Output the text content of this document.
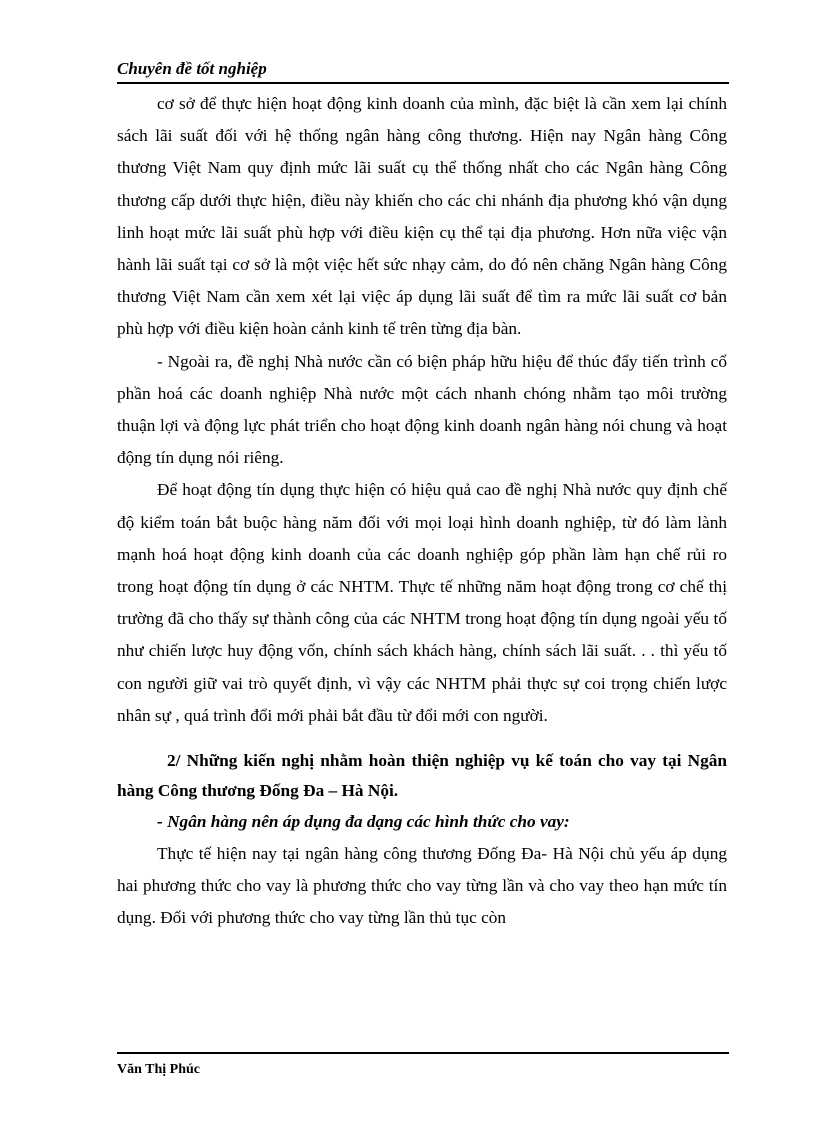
Chuyên đề tốt nghiệp

cơ sở để thực hiện hoạt động kinh doanh của mình, đặc biệt là cần xem lại chính sách lãi suất đối với hệ thống ngân hàng công thương. Hiện nay Ngân hàng Công thương Việt Nam quy định mức lãi suất cụ thể thống nhất cho các Ngân hàng Công thương cấp dưới thực hiện, điều này khiến cho các chi nhánh địa phương khó vận dụng linh hoạt mức lãi suất phù hợp với điều kiện cụ thể tại địa phương. Hơn nữa việc vận hành lãi suất tại cơ sở là một việc hết sức nhạy cảm, do đó nên chăng Ngân hàng Công thương Việt Nam cần xem xét lại việc áp dụng lãi suất để tìm ra mức lãi suất cơ bản phù hợp với điều kiện hoàn cảnh kinh tế trên từng địa bàn.

- Ngoài ra, đề nghị Nhà nước cần có biện pháp hữu hiệu để thúc đẩy tiến trình cổ phần hoá các doanh nghiệp Nhà nước một cách nhanh chóng nhằm tạo môi trường thuận lợi và động lực phát triển cho hoạt động kinh doanh ngân hàng nói chung và hoạt động tín dụng nói riêng.

Để hoạt động tín dụng thực hiện có hiệu quả cao đề nghị Nhà nước quy định chế độ kiểm toán bắt buộc hàng năm đối với mọi loại hình doanh nghiệp, từ đó làm lành mạnh hoá hoạt động kinh doanh của các doanh nghiệp góp phần làm hạn chế rủi ro trong hoạt động tín dụng ở các NHTM. Thực tế những năm hoạt động trong cơ chế thị trường đã cho thấy sự thành công của các NHTM trong hoạt động tín dụng ngoài yếu tố như chiến lược huy động vốn, chính sách khách hàng, chính sách lãi suất. . . thì yếu tố con người giữ vai trò quyết định, vì vậy các NHTM phải thực sự coi trọng chiến lược nhân sự , quá trình đổi mới phải bắt đầu từ đổi mới con người.

2/ Những kiến nghị nhằm hoàn thiện nghiệp vụ kế toán cho vay tại Ngân hàng Công thương Đống Đa – Hà Nội.

- Ngân hàng nên áp dụng đa dạng các hình thức cho vay:

Thực tế hiện nay tại ngân hàng công thương Đống Đa- Hà Nội chủ yếu áp dụng hai phương thức cho vay là phương thức cho vay từng lần và cho vay theo hạn mức tín dụng. Đối với phương thức cho vay từng lần thủ tục còn

Văn Thị Phúc
